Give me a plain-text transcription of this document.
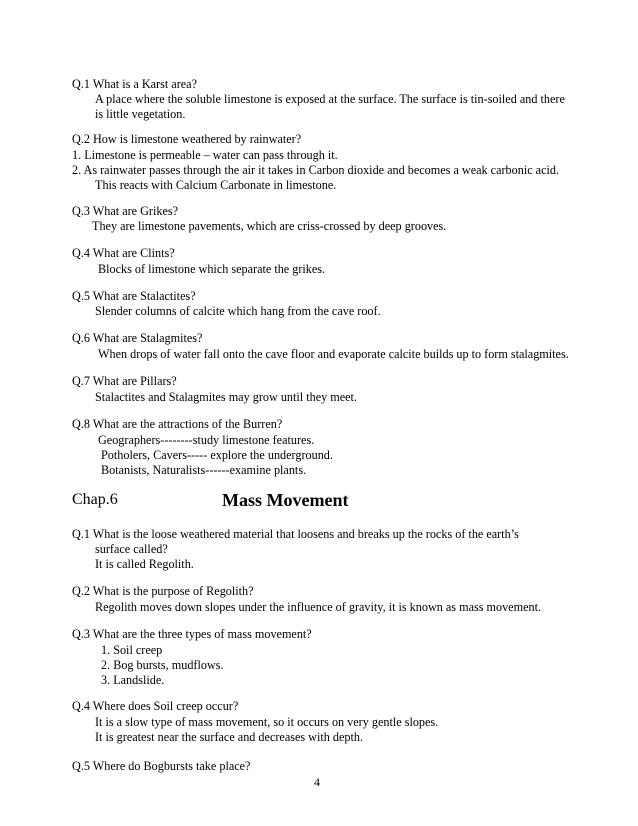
Q.1 What is a Karst area?
A place where the soluble limestone is exposed at the surface. The surface is tin-soiled and there
is little vegetation.
Q.2 How is limestone weathered by rainwater?
1. Limestone is permeable – water can pass through it.
2. As rainwater passes through the air it takes in Carbon dioxide and becomes a weak carbonic acid.
This reacts with Calcium Carbonate in limestone.
Q.3 What are Grikes?
They are limestone pavements, which are criss-crossed by deep grooves.
Q.4 What are Clints?
Blocks of limestone which separate the grikes.
Q.5 What are Stalactites?
Slender columns of calcite which hang from the cave roof.
Q.6 What are Stalagmites?
When drops of water fall onto the cave floor and evaporate calcite builds up to form stalagmites.
Q.7 What are Pillars?
Stalactites and Stalagmites may grow until they meet.
Q.8 What are the attractions of the Burren?
Geographers--------study limestone features.
Potholers, Cavers----- explore the underground.
Botanists, Naturalists------examine plants.
Chap.6	Mass Movement
Q.1 What is the loose weathered material that loosens and breaks up the rocks of the earth’s
surface called?
It is called Regolith.
Q.2 What is the purpose of Regolith?
Regolith moves down slopes under the influence of gravity, it is known as mass movement.
Q.3 What are the three types of mass movement?
1. Soil creep
2. Bog bursts, mudflows.
3. Landslide.
Q.4 Where does Soil creep occur?
It is a slow type of mass movement, so it occurs on very gentle slopes.
It is greatest near the surface and decreases with depth.
Q.5 Where do Bogbursts take place?
4
